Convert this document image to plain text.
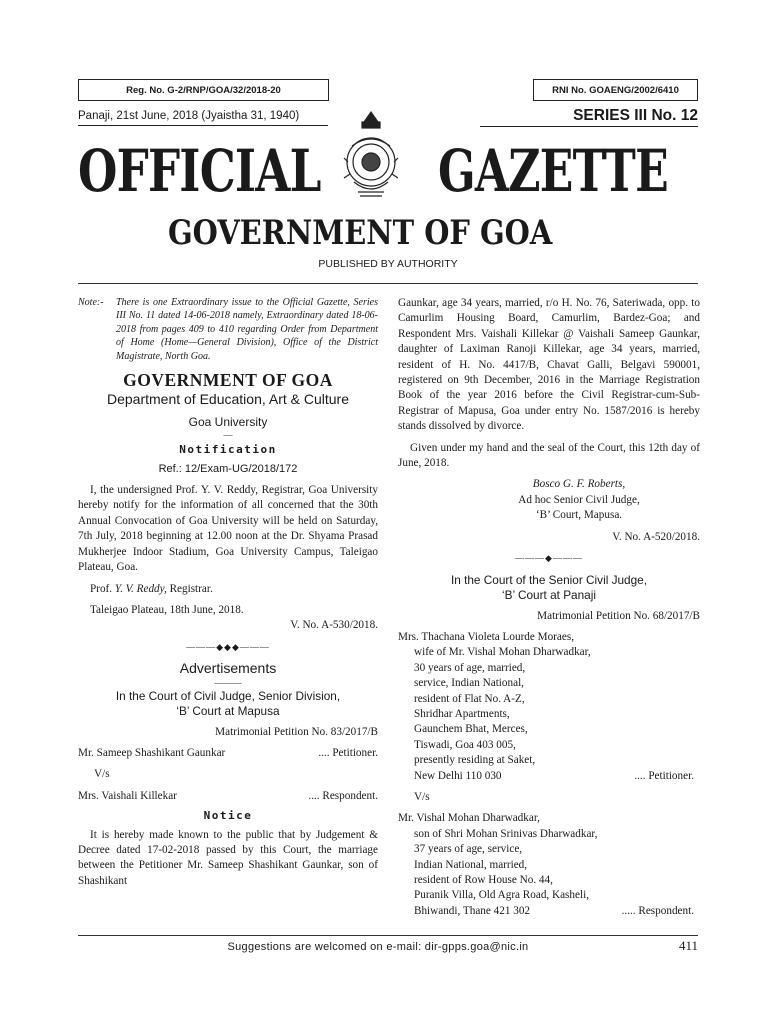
Reg. No. G-2/RNP/GOA/32/2018-20	RNI No. GOAENG/2002/6410
Panaji, 21st June, 2018 (Jyaistha 31, 1940)	SERIES III No. 12
OFFICIAL GAZETTE
GOVERNMENT OF GOA
PUBLISHED BY AUTHORITY
Note:-	There is one Extraordinary issue to the Official Gazette, Series III No. 11 dated 14-06-2018 namely, Extraordinary dated 18-06-2018 from pages 409 to 410 regarding Order from Department of Home (Home—General Division), Office of the District Magistrate, North Goa.
GOVERNMENT OF GOA
Department of Education, Art & Culture
Goa University
—
Notification
Ref.: 12/Exam-UG/2018/172
I, the undersigned Prof. Y. V. Reddy, Registrar, Goa University hereby notify for the information of all concerned that the 30th Annual Convocation of Goa University will be held on Saturday, 7th July, 2018 beginning at 12.00 noon at the Dr. Shyama Prasad Mukherjee Indoor Stadium, Goa University Campus, Taleigao Plateau, Goa.
Prof. Y. V. Reddy, Registrar.
Taleigao Plateau, 18th June, 2018.
V. No. A-530/2018.
———◆◆◆———
Advertisements
———
In the Court of Civil Judge, Senior Division,
‘B’ Court at Mapusa
Matrimonial Petition No. 83/2017/B
Mr. Sameep Shashikant Gaunkar	.... Petitioner.
V/s
Mrs. Vaishali Killekar	.... Respondent.
Notice
It is hereby made known to the public that by Judgement & Decree dated 17-02-2018 passed by this Court, the marriage between the Petitioner Mr. Sameep Shashikant Gaunkar, son of Shashikant
Gaunkar, age 34 years, married, r/o H. No. 76, Sateriwada, opp. to Camurlim Housing Board, Camurlim, Bardez-Goa; and Respondent Mrs. Vaishali Killekar @ Vaishali Sameep Gaunkar, daughter of Laximan Ranoji Killekar, age 34 years, married, resident of H. No. 4417/B, Chavat Galli, Belgavi 590001, registered on 9th December, 2016 in the Marriage Registration Book of the year 2016 before the Civil Registrar-cum-Sub-Registrar of Mapusa, Goa under entry No. 1587/2016 is hereby stands dissolved by divorce.
Given under my hand and the seal of the Court, this 12th day of June, 2018.
Bosco G. F. Roberts,
Ad hoc Senior Civil Judge,
‘B’ Court, Mapusa.
V. No. A-520/2018.
———◆———
In the Court of the Senior Civil Judge,
‘B’ Court at Panaji
Matrimonial Petition No. 68/2017/B
Mrs. Thachana Violeta Lourde Moraes,
wife of Mr. Vishal Mohan Dharwadkar,
30 years of age, married,
service, Indian National,
resident of Flat No. A-Z,
Shridhar Apartments,
Gaunchem Bhat, Merces,
Tiswadi, Goa 403 005,
presently residing at Saket,
New Delhi 110 030	.... Petitioner.
V/s
Mr. Vishal Mohan Dharwadkar,
son of Shri Mohan Srinivas Dharwadkar,
37 years of age, service,
Indian National, married,
resident of Row House No. 44,
Puranik Villa, Old Agra Road, Kasheli,
Bhiwandi, Thane 421 302	..... Respondent.
Suggestions are welcomed on e-mail: dir-gpps.goa@nic.in	411
